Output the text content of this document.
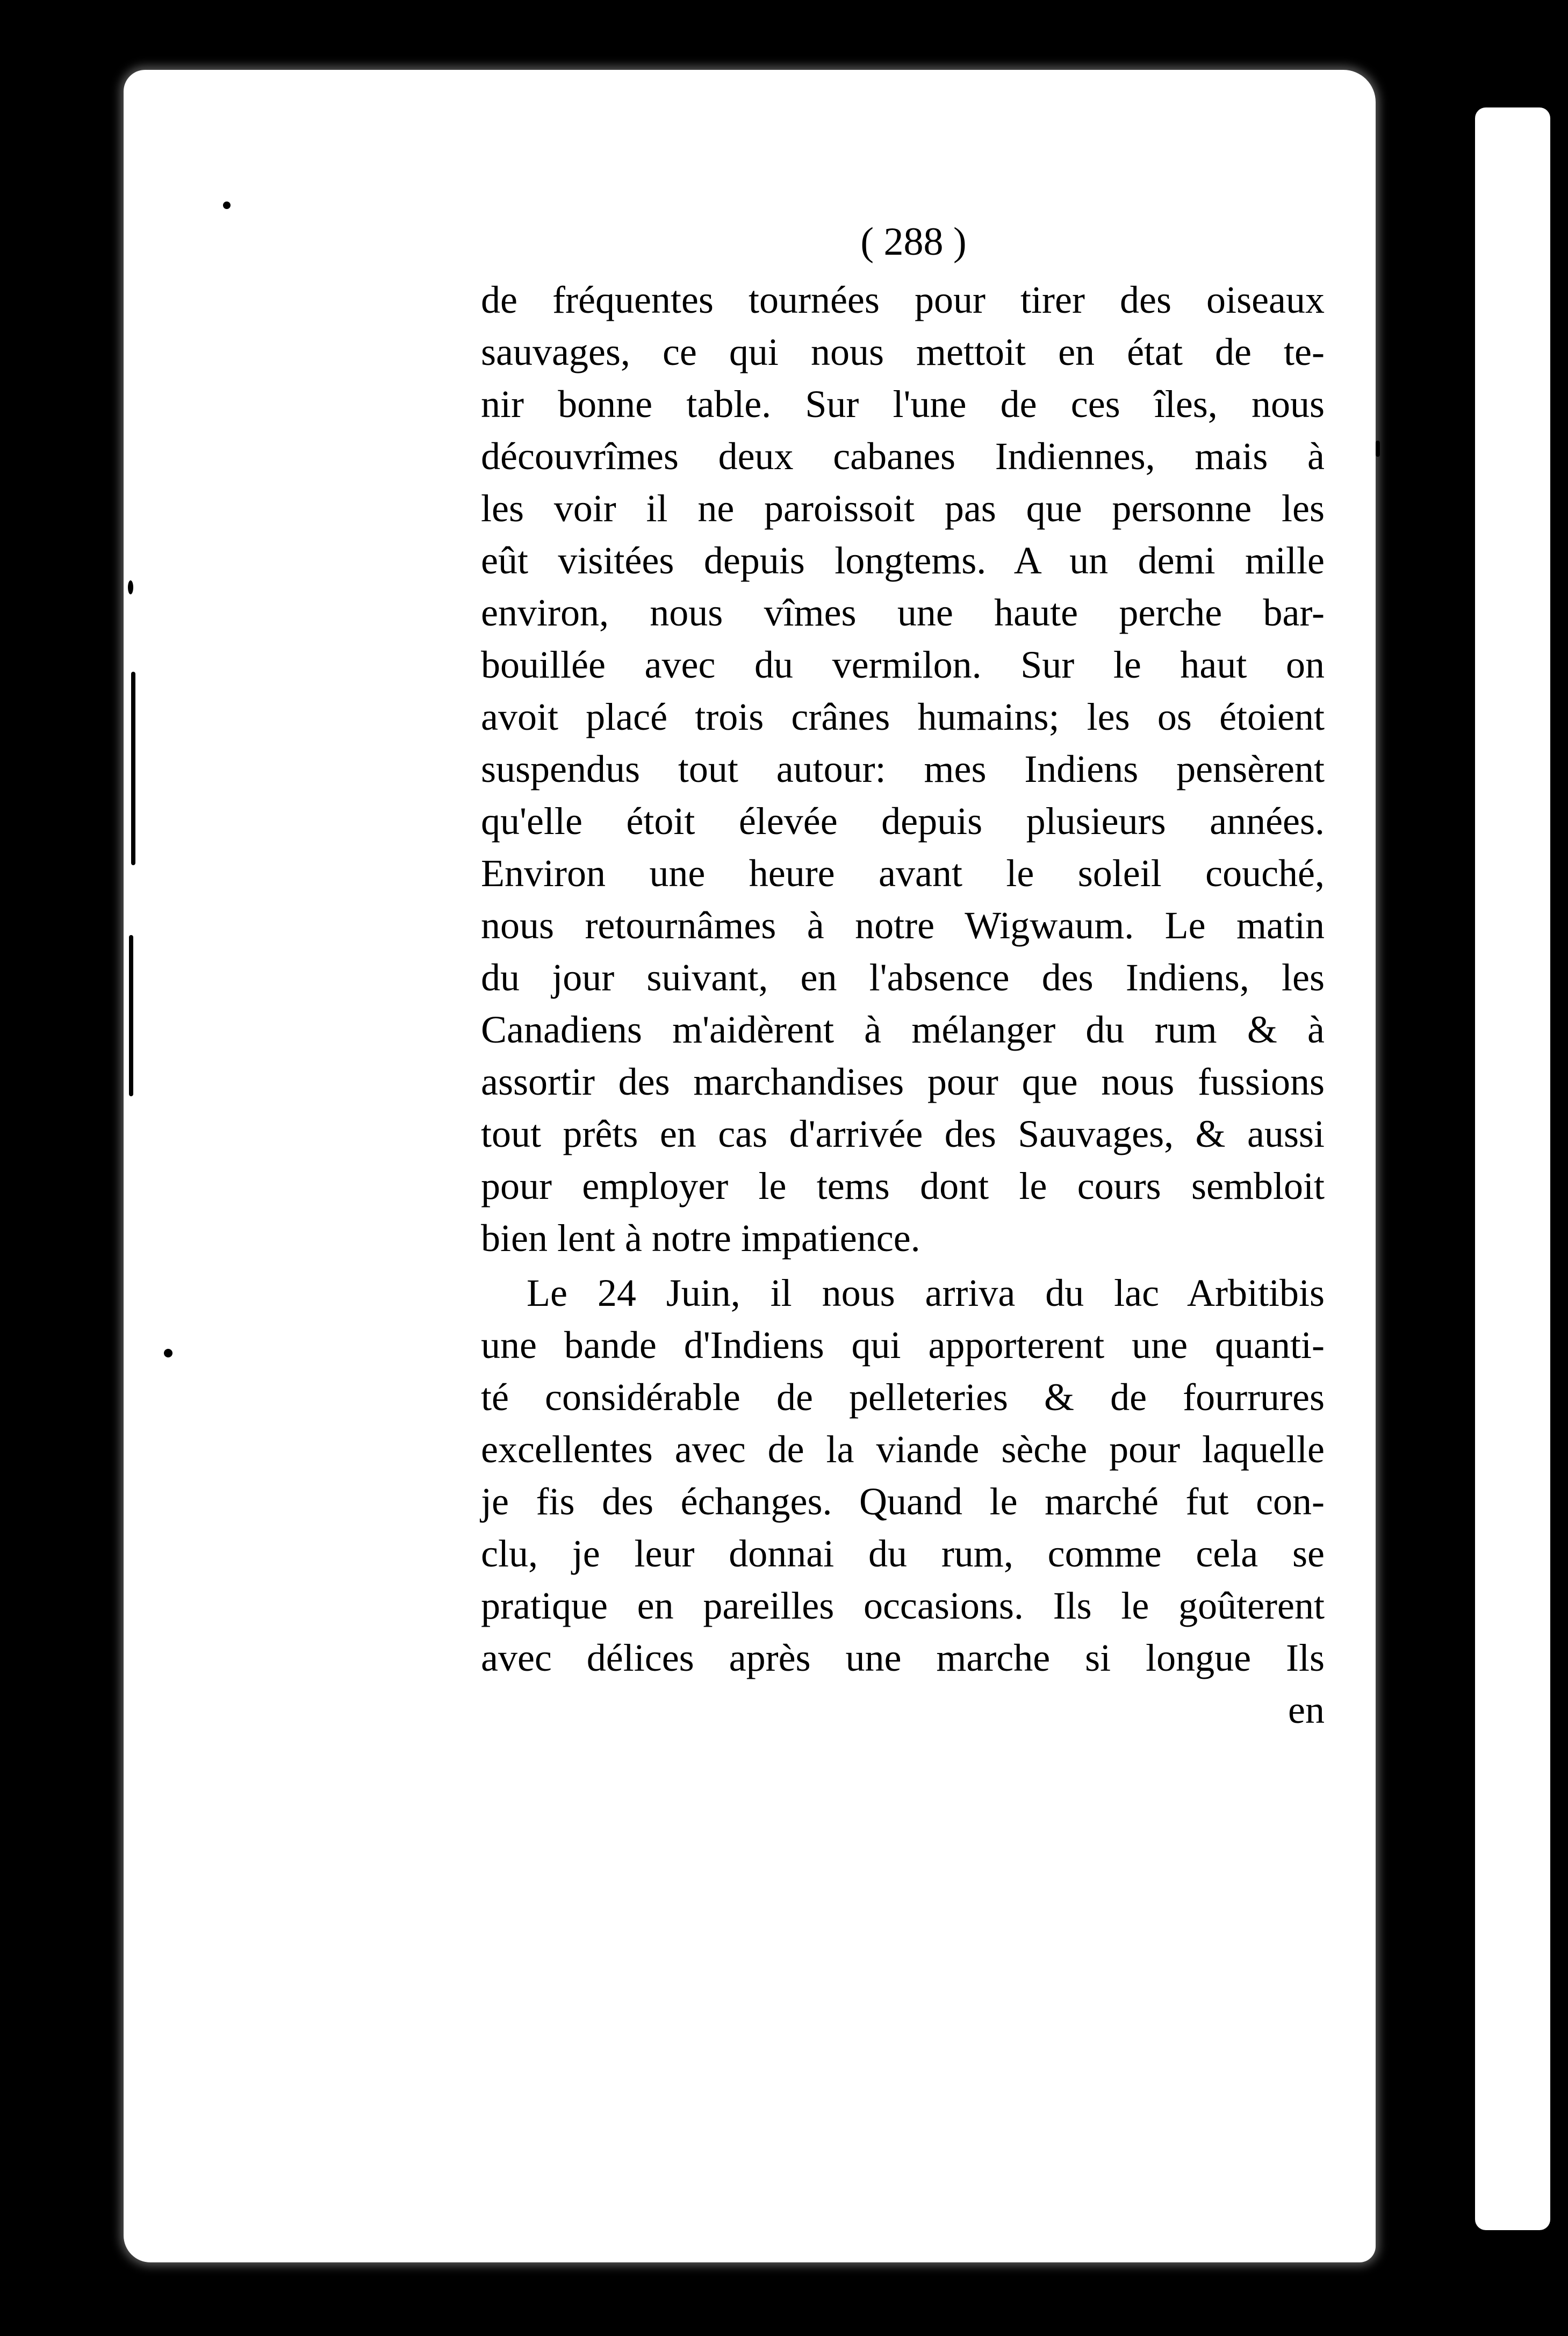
( 288 )
de fréquentes tournées pour tirer des oiseaux
sauvages, ce qui nous mettoit en état de te-
nir bonne table. Sur l'une de ces îles, nous
découvrîmes deux cabanes Indiennes, mais à
les voir il ne paroissoit pas que personne les
eût visitées depuis longtems. A un demi mille
environ, nous vîmes une haute perche bar-
bouillée avec du vermilon. Sur le haut on
avoit placé trois crânes humains; les os étoient
suspendus tout autour: mes Indiens pensèrent
qu'elle étoit élevée depuis plusieurs années.
Environ une heure avant le soleil couché,
nous retournâmes à notre Wigwaum. Le matin
du jour suivant, en l'absence des Indiens, les
Canadiens m'aidèrent à mélanger du rum & à
assortir des marchandises pour que nous fussions
tout prêts en cas d'arrivée des Sauvages, & aussi
pour employer le tems dont le cours sembloit
bien lent à notre impatience.
Le 24 Juin, il nous arriva du lac Arbitibis
une bande d'Indiens qui apporterent une quanti-
té considérable de pelleteries & de fourrures
excellentes avec de la viande sèche pour laquelle
je fis des échanges. Quand le marché fut con-
clu, je leur donnai du rum, comme cela se
pratique en pareilles occasions. Ils le goûterent
avec délices après une marche si longue Ils
en
